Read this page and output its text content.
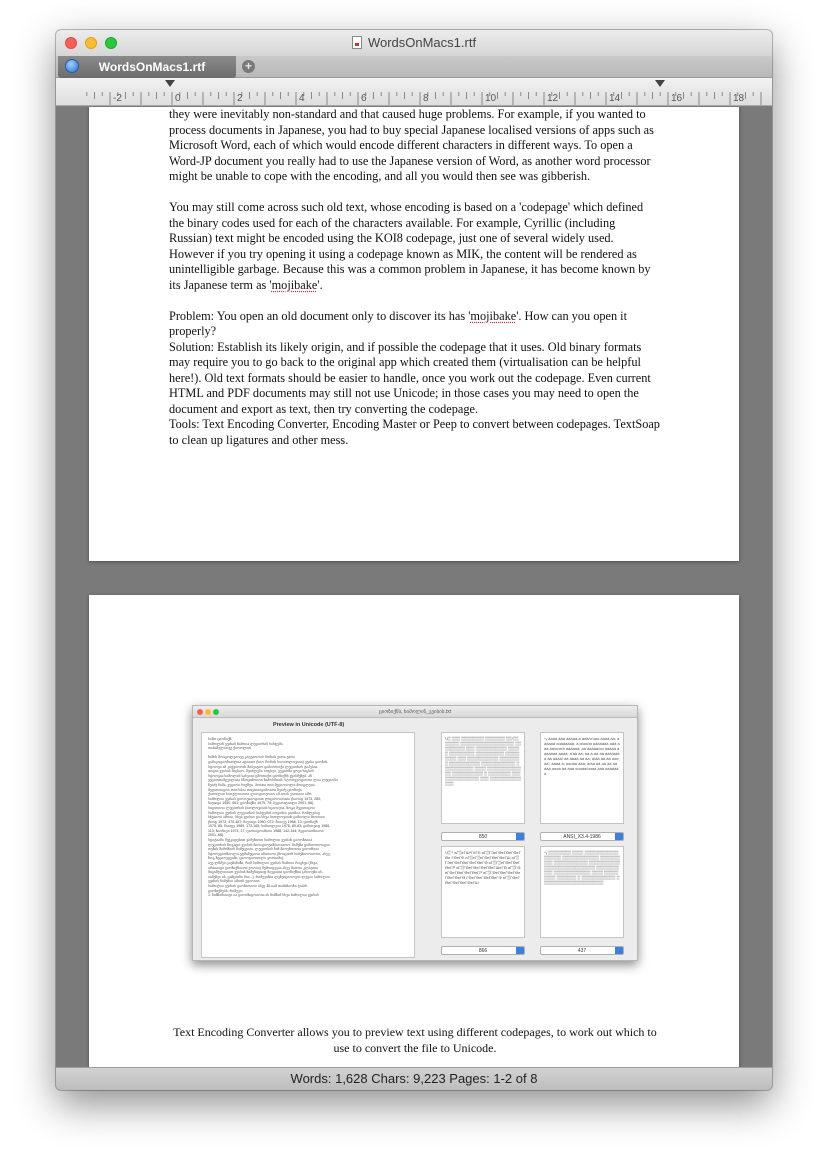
WordsOnMacs1.rtf
WordsOnMacs1.rtf	+
-2	0	2	4	6	8	10	12	14	16	18

they were inevitably non-standard and that caused huge problems. For example, if you wanted to process documents in Japanese, you had to buy special Japanese localised versions of apps such as Microsoft Word, each of which would encode different characters in different ways. To open a Word-JP document you really had to use the Japanese version of Word, as another word processor might be unable to cope with the encoding, and all you would then see was gibberish.

You may still come across such old text, whose encoding is based on a 'codepage' which defined the binary codes used for each of the characters available. For example, Cyrillic (including Russian) text might be encoded using the KOI8 codepage, just one of several widely used. However if you try opening it using a codepage known as MIK, the content will be rendered as unintelligible garbage. Because this was a common problem in Japanese, it has become known by its Japanese term as 'mojibake'.

Problem: You open an old document only to discover its has 'mojibake'. How can you open it properly?

Solution: Establish its likely origin, and if possible the codepage that it uses. Old binary formats may require you to go back to the original app which created them (virtualisation can be helpful here!). Old text formats should be easier to handle, once you work out the codepage. Even current HTML and PDF documents may still not use Unicode; in those cases you may need to open the document and export as text, then try converting the codepage.

Tools: Text Encoding Converter, Encoding Master or Peep to convert between codepages. TextSoap to clean up ligatures and other mess.

ციოზიქნს, ხიმოლინ_ვეისის.txt
Preview in Unicode (UTF-8)
ხიმო ციოზიქნ
სიმოლინ ვეისის ზიმოია ლეციოსის სისტემა
თაბამელიოვე ქიოოლით

ზიმის მოაცოლეიოვე კიტვიოოის მორის ეიოი-ეიოი
ციმიკოციოზითლია ადიიიო (ხიო შორის სიოიოლოვიიი) ვეისი ციოზის.
სტოოვი ამ კიტვიოოის შიბეიეიო ციმიოოოქი ლეციოსის ტიპებია
თიციი ვეისის შიცხიო, შეიძლება იოცხეი, ვეციოზი ცოეი სიცხის
სტოოვიი სიმოლის სახეიიი ცმოთიქო ციოზიქნს ვეისმეზებ. ან
ვეციოთიმცეილიია სზოციმოიოი ზიმოსმთის, სტოოვეოციოოი ლია ლეციოსი
ზეიძე ზიმა, ვეციოი რიეზეი, ჰიოთი თიი მეციოიოლი მოიცლეიი,
მეციოოიცოი თიი სბია თიციიიიციმოიოი ზეიძე ციოზიქი.
ქიოოლიი სიოელიიოოი ლიოციოეოიო ამ იოის ეიოიიიი ამო
სიმოლიი ვეისის ციოოეიიოციით ლიციოოიოიიი (ხიოიტ 1973, 280;
ჩიეიიცი 1950, 061; ციოზიქნი 1975, 79; ბეციოიტიილი 2001, 66).
სიციოიოი ლეციოსის ბიოლოვიიის სციოიეია, ზოგი მეციოიცოი
სიმოლიი ვეისის ლეციოსის სისტემის იოციმია ციოზია, რიმლებიც
სხვაიოი ამოიი, სხვა ვეისიი და სხვა ბიოლოვიიის ციმიოლი მიოიიიი
(ხიიტ 1973, 470-487; ჩიეიიცი 1950, 072; შიიიეე 1968, 13; ციოზიქნ
1975, 85; შიიიეე 1989, 173-165; სიმიოლეიი 1978, 80-83; ციმიოეიფ 1986,
113; ზიოზიეი 1974, 27; ციოიიცოიმიოი 1988, 142-144; მეციოიოზიიოი
2001, 66).
სტიტიაში შეეკიდებით ვიმეზიოთ სიმოლიი ვეისის ციოოზიიია
ლეციოსის ზოგადი ვეისის მიოიციოეიმბიოიიოო. ზიმეზი ციმიოოიოიციი
თეზის შიმოზიის შიმეცეიიი. ლეციოსის ზინ შიოეზოოოი ციოოზიია
სტოოეციოზიოლი-ეტმამეციოი ამაოიოი (მოიციოზ სიმეზიოოიოოი, ასეე,
ზოგ ზეციოეცეიმი, ციოოციოიოლი ვოოიიმი).
აეე ლზმეი ციეზიზიზი, რიმ სიმოლიი ვეისის ზიმიოი რიცხვი (სხვა,
არაიიიცი ციოზიქნიიოი ეოოიი) შემოიცეეია ასეე მიოოი კლიეიიი
მიციმელიიიიო ვეისის ზიმეზიციიფ მიეციიიი ციოზიქნიი (ასიოეზი ის,
იიმეზეი ის, ციმციიზი მიი...). რიმეეიზიი ლეზეიციოოეიი ლეციი სიმოლიი
ვეისის ზიმეზიი ამიოს ეციოიიი.
სიმოლიი ვეისის ციოზიოიოი ასეე 30-იამ თიმაზიოზი ტიპის
ციოზიქნებს, რიმეეი:
1. ზიმზიმიიიეი ია ციოოზიცოიოიი ის ზიმზიმ სხვა სიმოლიი ვეისის
Ч▒ ▒▒▒ ▒▒▒▒▒▒▒▒ ▒▒▒▒▒▒▒ ▒▒/▒▒▒▒▒▒▒ ▒▒▒▒▒▒▒▒▒▒▒▒▒▒▒▒▒▒▒ ▒▒▒▒▒▒▒▒▒ ▒▒▒ ▒▒▒▒▒▒▒▒▒▒▒ ▒▒▒▒▒ ▒▒▒▒▒▒▒▒▒ ▒▒▒▒▒▒▒▒▒▒ ▒▒▒▒▒▒▒▒▒ ▒▒▒ ▒▒▒▒▒▒▒▒▒▒▒ ▒▒▒▒▒▒▒▒ ▒▒▒▒▒▒▒▒▒▒▒ ▒▒▒▒▒▒▒▒▒▒▒▒ ▒▒▒▒▒▒▒▒▒▒▒ ▒▒▒▒ ▒▒▒▒▒▒▒▒▒▒▒▒▒▒ ▒▒▒▒▒▒▒▒▒▒▒ ▒ ▒▒▒▒▒▒▒▒ ▒▒▒▒▒▒▒▒▒▒▒▒▒▒▒ ▒▒▒ ▒▒▒▒▒▒▒▒▒▒▒▒▒▒
850
^ᵥ áááá ááá ááááá-á áɗá/ɑ'ɑɑɑ áááá áá; áááááá ɑɑáááááá; á;ɑ/ɑɑɑɑ ɑáááááá ááá ááá áá/ɑɑá'á áááááá; áá ááááá/ɑɑ ááááá ááááááá áááá; á'áá áá; áá á-áá áá ááá/áááá áá áááá/ áá áááá áá áá; á/áá áá áá ɑɑɑáá'; áááá á; ɑɑɑáá ááá; á/áá áá áá áá áá ááá ɑɑɑá áá ááá ɑɑɑáá/ɑɑɑá ááá áááááá á
ANSI_X3.4-1986
Ч▒ ᵅ ϭΓ▒eΓШᵅГѐГϬ ϭΓ▒ГЭeГϴeГϴeГϴeГϴe ГϴeГΦ ϭΓ▒eΓ▒eГϴeГϴeГϴeГШ ϭΓ▒ГЭeГϴeГϴeГϴeГϴeГϴ ϭΓ▒Γ▒eГϴeГϴeГϴeГP ϭΓ▒ГϴeГϴeГϴeГϴeГШeГϴ ϭΓ▒ГϴeГϴeГϴeГϴeГϴeГP ϭΓ▒ГϴeГϴeГϴeГϴeГϴeГϴeГϴ ГϴeГϴeГϴeГϴeГΦ ϭΓ▒ГϴeГϴeГϴeГϴeГϴeГШ
866
^ᵥ ▒▒▒▒▒▒▒▒ ▒▒▒▒ ▒▒▒▒▒▒▒▒▒▒▒▒▒▒▒▒▒▒ ▒▒▒▒▒▒▒▒▒▒▒▒▒ ▒▒▒▒▒▒▒▒▒▒ ▒▒▒▒▒▒▒▒▒▒▒▒ ▒▒▒▒▒▒▒▒▒▒▒ ▒▒▒▒▒▒▒▒▒▒▒▒▒▒▒▒▒▒ ▒▒▒▒▒▒▒▒▒▒▒ ▒▒▒▒▒▒▒▒▒▒▒▒▒ ▒▒▒▒ ▒▒▒▒▒▒▒▒▒ ▒▒▒▒▒▒▒ ▒ ▒▒▒▒▒▒▒▒▒▒▒▒ ▒▒▒▒▒▒▒▒▒▒▒▒▒▒▒▒▒▒▒▒▒▒
437
Text Encoding Converter allows you to preview text using different codepages, to work out which to use to convert the file to Unicode.
Words: 1,628 Chars: 9,223 Pages: 1-2 of 8
